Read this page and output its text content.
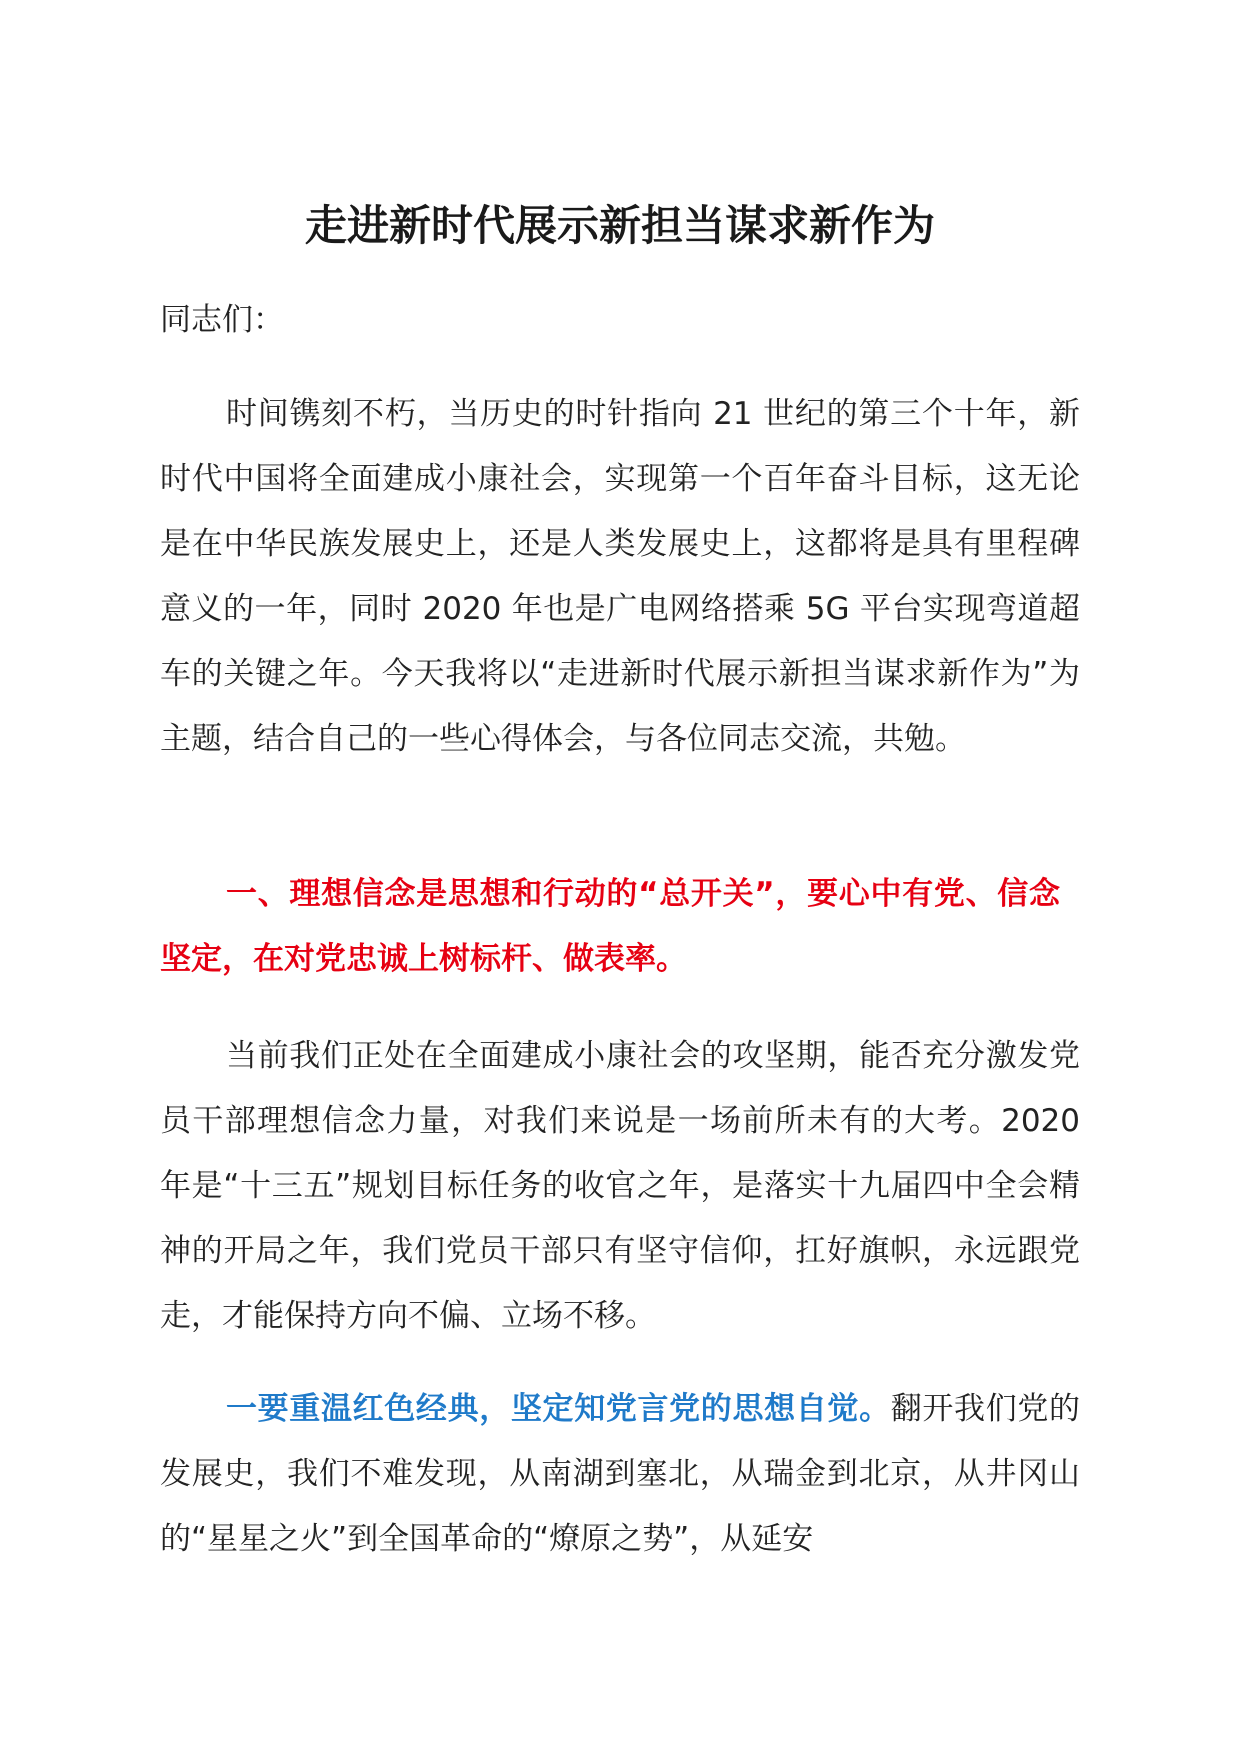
走进新时代展示新担当谋求新作为

同志们：

时间镌刻不朽，当历史的时针指向 21 世纪的第三个十年，新时代中国将全面建成小康社会，实现第一个百年奋斗目标，这无论是在中华民族发展史上，还是人类发展史上，这都将是具有里程碑意义的一年，同时 2020 年也是广电网络搭乘 5G 平台实现弯道超车的关键之年。今天我将以“走进新时代展示新担当谋求新作为”为主题，结合自己的一些心得体会，与各位同志交流，共勉。

一、理想信念是思想和行动的“总开关”，要心中有党、信念坚定，在对党忠诚上树标杆、做表率。

当前我们正处在全面建成小康社会的攻坚期，能否充分激发党员干部理想信念力量，对我们来说是一场前所未有的大考。2020 年是“十三五”规划目标任务的收官之年，是落实十九届四中全会精神的开局之年，我们党员干部只有坚守信仰，扛好旗帜，永远跟党走，才能保持方向不偏、立场不移。

一要重温红色经典，坚定知党言党的思想自觉。翻开我们党的发展史，我们不难发现，从南湖到塞北，从瑞金到北京，从井冈山的“星星之火”到全国革命的“燎原之势”，从延安
